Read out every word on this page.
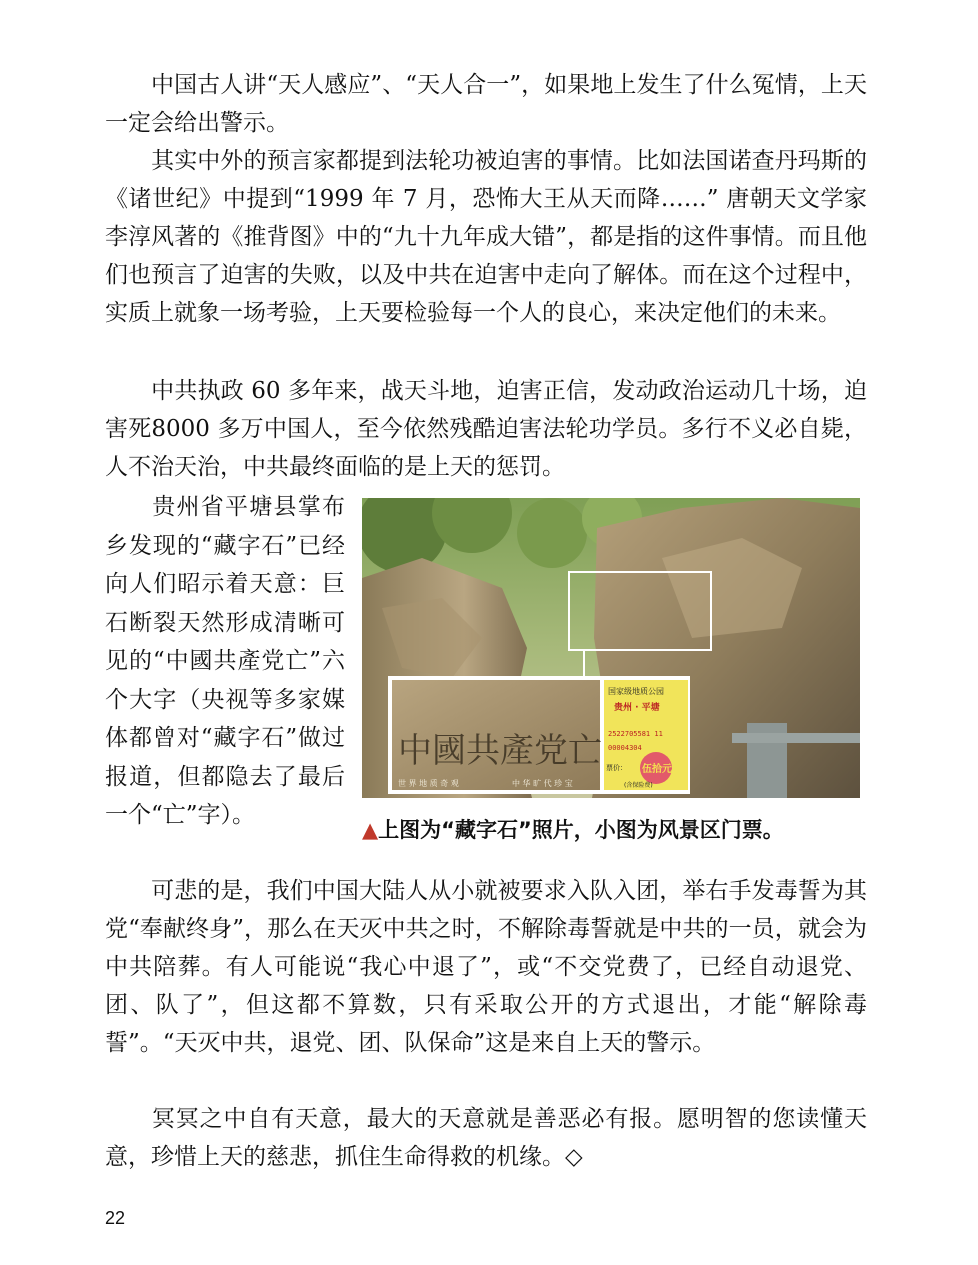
中国古人讲“天人感应”、“天人合一”，如果地上发生了什么冤情，上天一定会给出警示。

其实中外的预言家都提到法轮功被迫害的事情。比如法国诺查丹玛斯的《诸世纪》中提到“1999 年 7 月，恐怖大王从天而降……” 唐朝天文学家李淳风著的《推背图》中的“九十九年成大错”，都是指的这件事情。而且他们也预言了迫害的失败，以及中共在迫害中走向了解体。而在这个过程中，实质上就象一场考验，上天要检验每一个人的良心，来决定他们的未来。

中共执政 60 多年来，战天斗地，迫害正信，发动政治运动几十场，迫害死8000 多万中国人，至今依然残酷迫害法轮功学员。多行不义必自毙，人不治天治，中共最终面临的是上天的惩罚。

贵州省平塘县掌布乡发现的“藏字石”已经向人们昭示着天意：巨石断裂天然形成清晰可见的“中國共產党亡”六个大字（央视等多家媒体都曾对“藏字石”做过报道，但都隐去了最后一个“亡”字）。

中國共產党亡
世 界 地 质 奇 观	中 华 旷 代 珍 宝
国家级地质公园
贵州 · 平塘
2522705581 11
00004304
票价： 伍拾元
(含保险费)
▲上图为“藏字石”照片，小图为风景区门票。

可悲的是，我们中国大陆人从小就被要求入队入团，举右手发毒誓为其党“奉献终身”，那么在天灭中共之时，不解除毒誓就是中共的一员，就会为中共陪葬。有人可能说“我心中退了”，或“不交党费了，已经自动退党、团、队了”，但这都不算数，只有采取公开的方式退出，才能“解除毒誓”。“天灭中共，退党、团、队保命”这是来自上天的警示。

冥冥之中自有天意，最大的天意就是善恶必有报。愿明智的您读懂天意，珍惜上天的慈悲，抓住生命得救的机缘。◇

22
